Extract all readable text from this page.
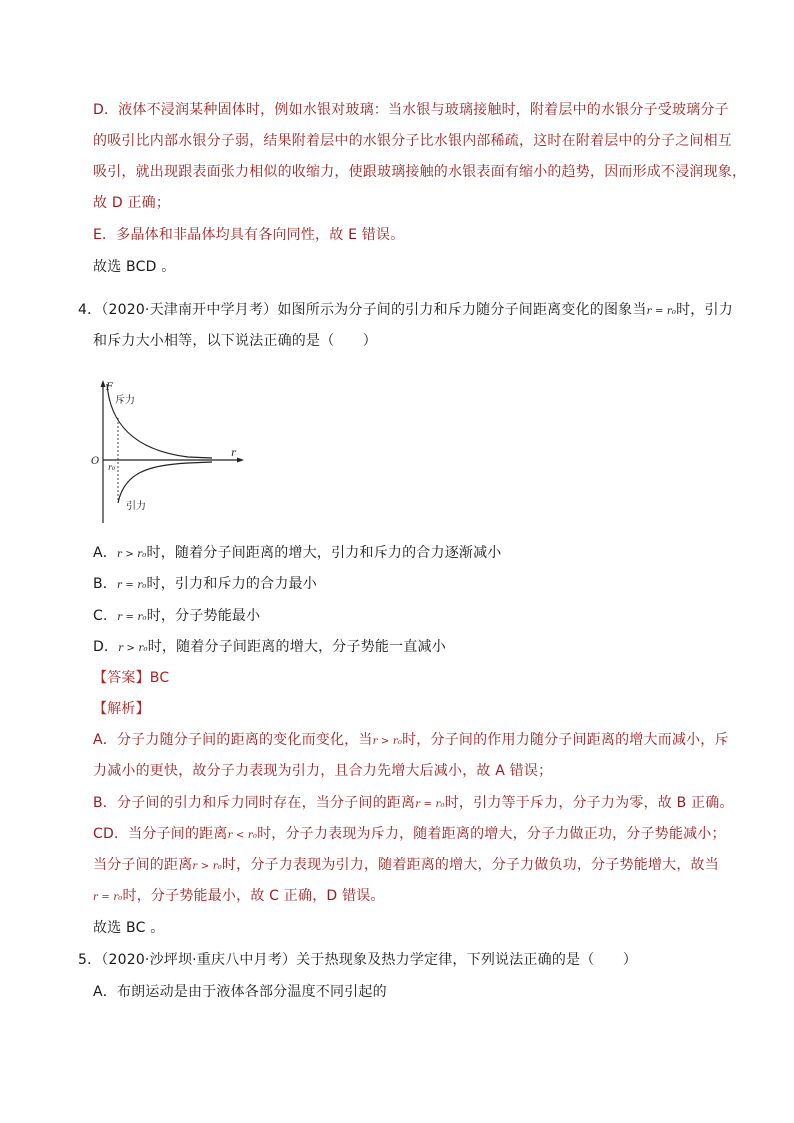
D．液体不浸润某种固体时，例如水银对玻璃：当水银与玻璃接触时，附着层中的水银分子受玻璃分子
的吸引比内部水银分子弱，结果附着层中的水银分子比水银内部稀疏，这时在附着层中的分子之间相互
吸引，就出现跟表面张力相似的收缩力，使跟玻璃接触的水银表面有缩小的趋势，因而形成不浸润现象，
故 D 正确；
E．多晶体和非晶体均具有各向同性，故 E 错误。
故选 BCD 。
4．（2020·天津南开中学月考）如图所示为分子间的引力和斥力随分子间距离变化的图象当r = r₀时，引力
和斥力大小相等，以下说法正确的是（　　）
F
r
O
r₀
斥力
引力
A．r > r₀时，随着分子间距离的增大，引力和斥力的合力逐渐减小
B．r = r₀时，引力和斥力的合力最小
C．r = r₀时，分子势能最小
D．r > r₀时，随着分子间距离的增大，分子势能一直减小
【答案】BC
【解析】
A．分子力随分子间的距离的变化而变化，当r > r₀时，分子间的作用力随分子间距离的增大而减小，斥
力减小的更快，故分子力表现为引力，且合力先增大后减小，故 A 错误；
B．分子间的引力和斥力同时存在，当分子间的距离r = r₀时，引力等于斥力，分子力为零，故 B 正确。
CD．当分子间的距离r < r₀时，分子力表现为斥力，随着距离的增大，分子力做正功，分子势能减小；
当分子间的距离r > r₀时，分子力表现为引力，随着距离的增大，分子力做负功，分子势能增大，故当
r = r₀时，分子势能最小，故 C 正确，D 错误。
故选 BC 。
5．（2020·沙坪坝·重庆八中月考）关于热现象及热力学定律，下列说法正确的是（　　）
A．布朗运动是由于液体各部分温度不同引起的
